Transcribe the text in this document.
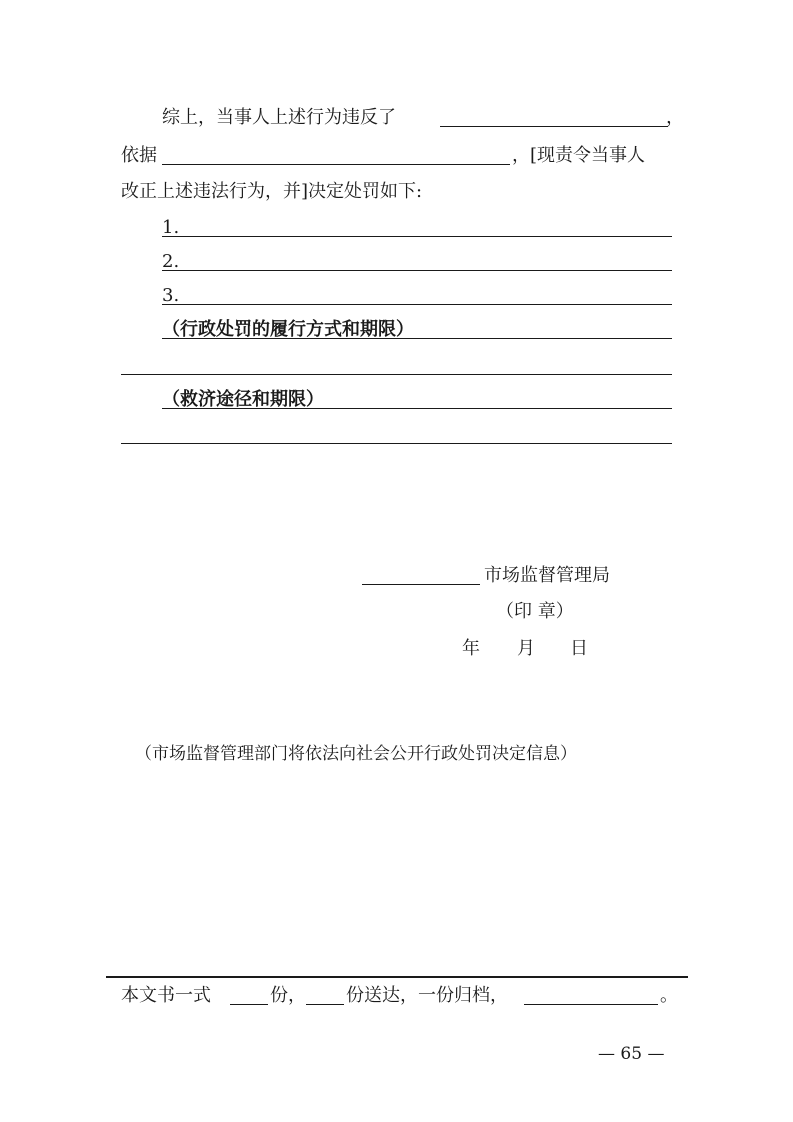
综上，当事人上述行为违反了	，
依据	，[现责令当事人
改正上述违法行为，并]决定处罚如下:
1.
2.
3.
（行政处罚的履行方式和期限）
（救济途径和期限）
市场监督管理局
（印 章）
年 月 日
（市场监督管理部门将依法向社会公开行政处罚决定信息）
本文书一式	份， 份送达，一份归档，	。
— 65 —
